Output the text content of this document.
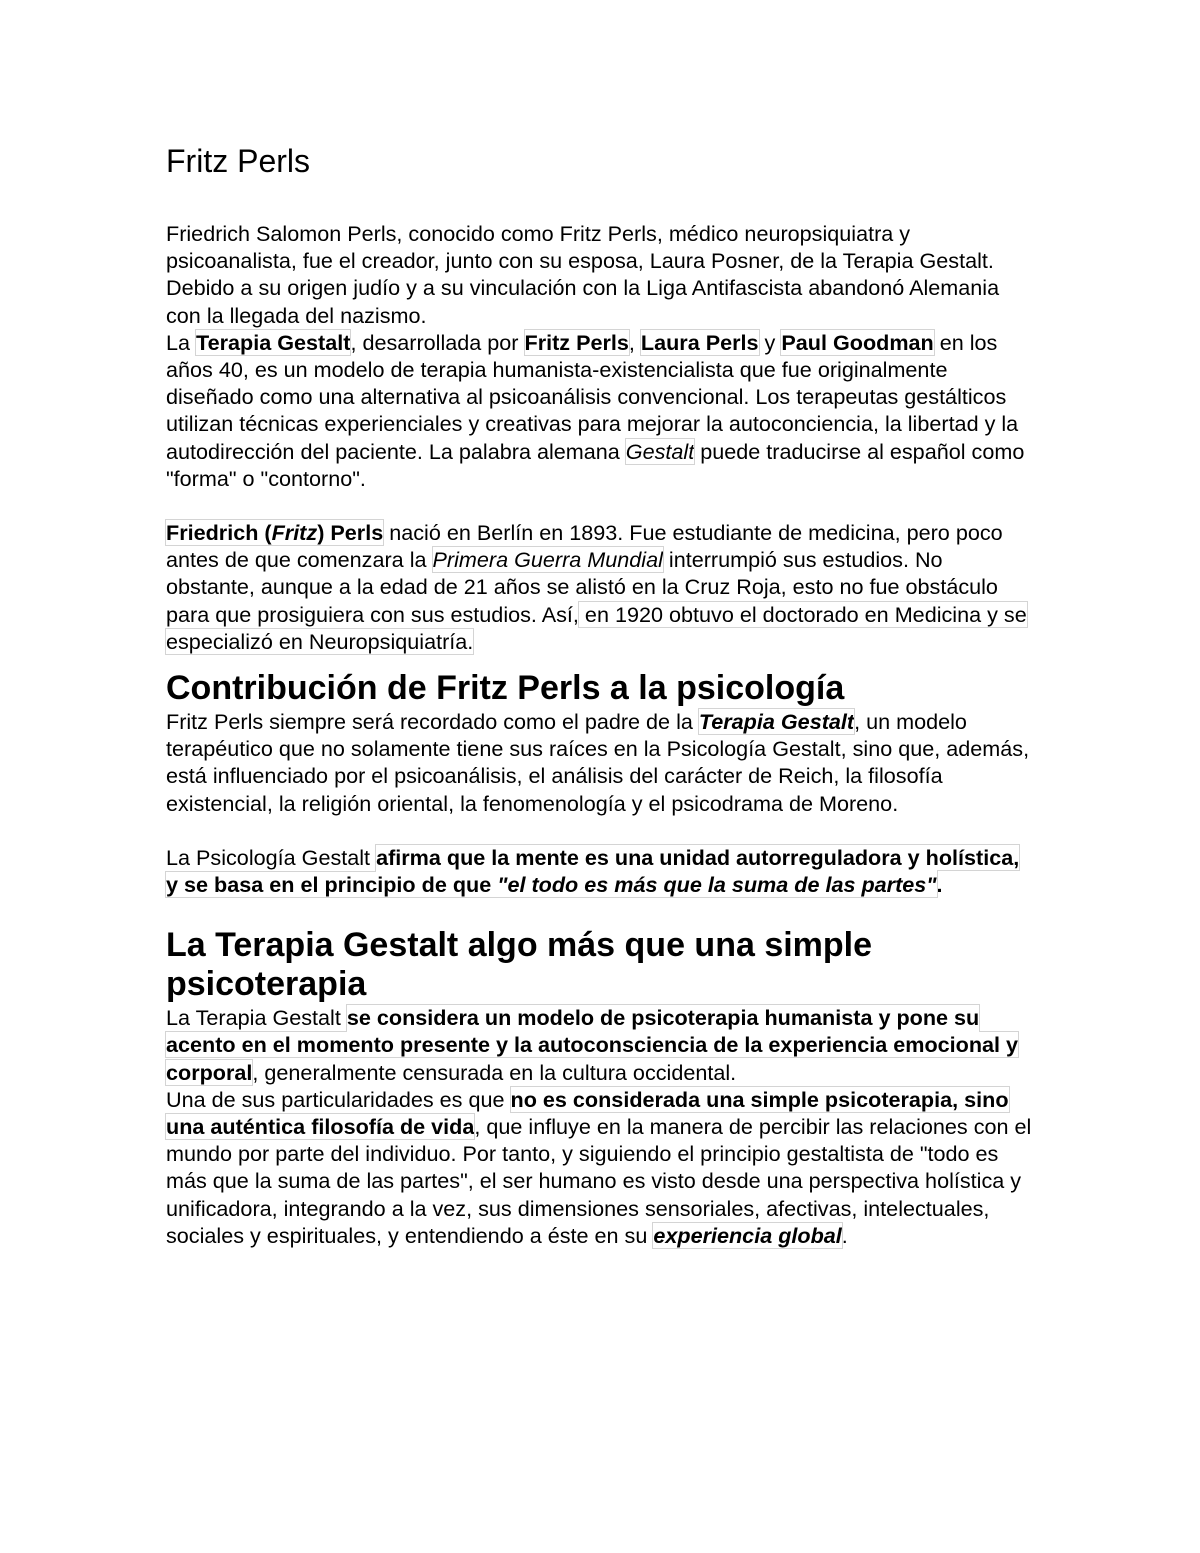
Fritz Perls

Friedrich Salomon Perls, conocido como Fritz Perls, médico neuropsiquiatra y psicoanalista, fue el creador, junto con su esposa, Laura Posner, de la Terapia Gestalt. Debido a su origen judío y a su vinculación con la Liga Antifascista abandonó Alemania con la llegada del nazismo.

La Terapia Gestalt, desarrollada por Fritz Perls, Laura Perls y Paul Goodman en los años 40, es un modelo de terapia humanista-existencialista que fue originalmente diseñado como una alternativa al psicoanálisis convencional. Los terapeutas gestálticos utilizan técnicas experienciales y creativas para mejorar la autoconciencia, la libertad y la autodirección del paciente. La palabra alemana Gestalt puede traducirse al español como "forma" o "contorno".

Friedrich (Fritz) Perls nació en Berlín en 1893. Fue estudiante de medicina, pero poco antes de que comenzara la Primera Guerra Mundial interrumpió sus estudios. No obstante, aunque a la edad de 21 años se alistó en la Cruz Roja, esto no fue obstáculo para que prosiguiera con sus estudios. Así, en 1920 obtuvo el doctorado en Medicina y se especializó en Neuropsiquiatría.

Contribución de Fritz Perls a la psicología

Fritz Perls siempre será recordado como el padre de la Terapia Gestalt, un modelo terapéutico que no solamente tiene sus raíces en la Psicología Gestalt, sino que, además, está influenciado por el psicoanálisis, el análisis del carácter de Reich, la filosofía existencial, la religión oriental, la fenomenología y el psicodrama de Moreno.

La Psicología Gestalt afirma que la mente es una unidad autorreguladora y holística, y se basa en el principio de que "el todo es más que la suma de las partes".

La Terapia Gestalt algo más que una simple psicoterapia

La Terapia Gestalt se considera un modelo de psicoterapia humanista y pone su acento en el momento presente y la autoconsciencia de la experiencia emocional y corporal, generalmente censurada en la cultura occidental.

Una de sus particularidades es que no es considerada una simple psicoterapia, sino una auténtica filosofía de vida, que influye en la manera de percibir las relaciones con el mundo por parte del individuo. Por tanto, y siguiendo el principio gestaltista de "todo es más que la suma de las partes", el ser humano es visto desde una perspectiva holística y unificadora, integrando a la vez, sus dimensiones sensoriales, afectivas, intelectuales, sociales y espirituales, y entendiendo a éste en su experiencia global.
